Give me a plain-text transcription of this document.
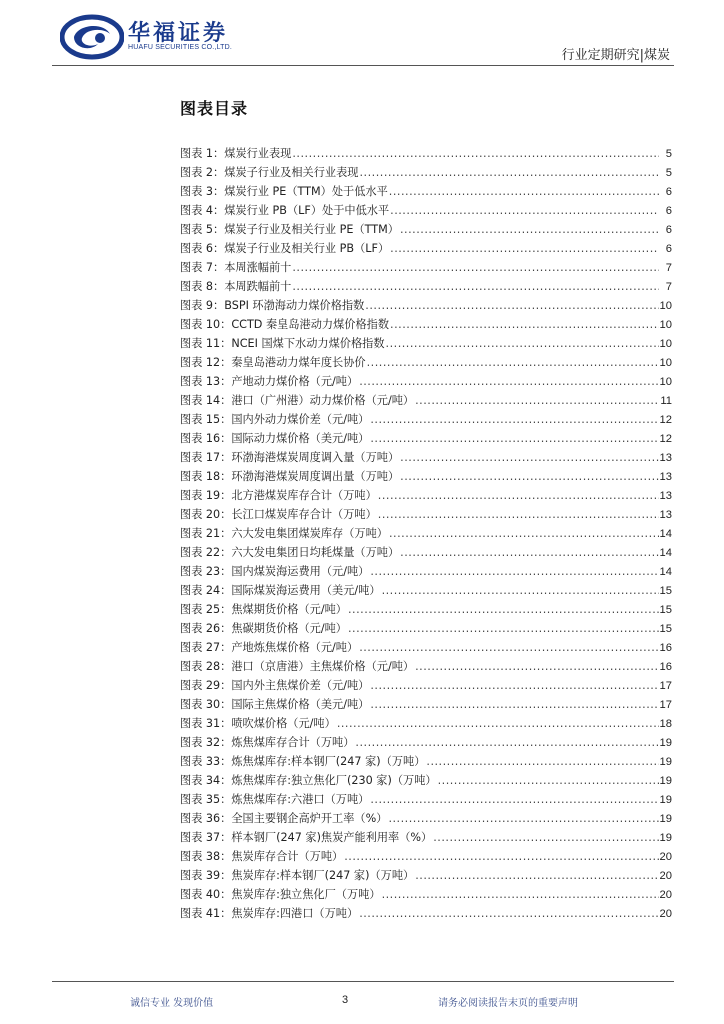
华福证券
HUAFU SECURITIES CO.,LTD.
行业定期研究|煤炭
图表目录
图表 1：煤炭行业表现 .....	5
图表 2：煤炭子行业及相关行业表现 .....	5
图表 3：煤炭行业 PE（TTM）处于低水平 .....	6
图表 4：煤炭行业 PB（LF）处于中低水平 .....	6
图表 5：煤炭子行业及相关行业 PE（TTM） .....	6
图表 6：煤炭子行业及相关行业 PB（LF） .....	6
图表 7：本周涨幅前十 .....	7
图表 8：本周跌幅前十 .....	7
图表 9：BSPI 环渤海动力煤价格指数 .....	10
图表 10：CCTD 秦皇岛港动力煤价格指数 .....	10
图表 11：NCEI 国煤下水动力煤价格指数 .....	10
图表 12：秦皇岛港动力煤年度长协价 .....	10
图表 13：产地动力煤价格（元/吨） .....	10
图表 14：港口（广州港）动力煤价格（元/吨） .....	11
图表 15：国内外动力煤价差（元/吨） .....	12
图表 16：国际动力煤价格（美元/吨） .....	12
图表 17：环渤海港煤炭周度调入量（万吨） .....	13
图表 18：环渤海港煤炭周度调出量（万吨） .....	13
图表 19：北方港煤炭库存合计（万吨） .....	13
图表 20：长江口煤炭库存合计（万吨） .....	13
图表 21：六大发电集团煤炭库存（万吨） .....	14
图表 22：六大发电集团日均耗煤量（万吨） .....	14
图表 23：国内煤炭海运费用（元/吨） .....	14
图表 24：国际煤炭海运费用（美元/吨） .....	15
图表 25：焦煤期货价格（元/吨） .....	15
图表 26：焦碳期货价格（元/吨） .....	15
图表 27：产地炼焦煤价格（元/吨） .....	16
图表 28：港口（京唐港）主焦煤价格（元/吨） .....	16
图表 29：国内外主焦煤价差（元/吨） .....	17
图表 30：国际主焦煤价格（美元/吨） .....	17
图表 31：喷吹煤价格（元/吨） .....	18
图表 32：炼焦煤库存合计（万吨） .....	19
图表 33：炼焦煤库存:样本钢厂(247 家)（万吨） .....	19
图表 34：炼焦煤库存:独立焦化厂(230 家)（万吨） .....	19
图表 35：炼焦煤库存:六港口（万吨） .....	19
图表 36：全国主要钢企高炉开工率（%） .....	19
图表 37：样本钢厂(247 家)焦炭产能利用率（%） .....	19
图表 38：焦炭库存合计（万吨） .....	20
图表 39：焦炭库存:样本钢厂(247 家)（万吨） .....	20
图表 40：焦炭库存:独立焦化厂（万吨） .....	20
图表 41：焦炭库存:四港口（万吨） .....	20
诚信专业 发现价值	3	请务必阅读报告末页的重要声明
